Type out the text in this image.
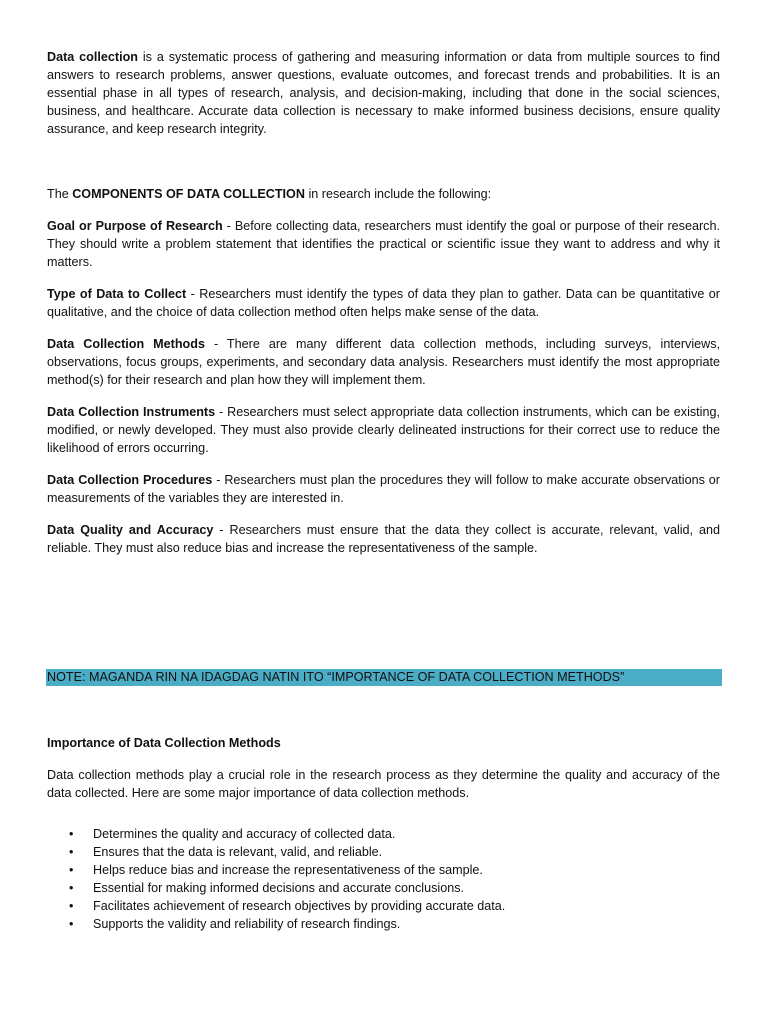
Data collection is a systematic process of gathering and measuring information or data from multiple sources to find answers to research problems, answer questions, evaluate outcomes, and forecast trends and probabilities. It is an essential phase in all types of research, analysis, and decision-making, including that done in the social sciences, business, and healthcare. Accurate data collection is necessary to make informed business decisions, ensure quality assurance, and keep research integrity.

The COMPONENTS OF DATA COLLECTION in research include the following:

Goal or Purpose of Research - Before collecting data, researchers must identify the goal or purpose of their research. They should write a problem statement that identifies the practical or scientific issue they want to address and why it matters.

Type of Data to Collect - Researchers must identify the types of data they plan to gather. Data can be quantitative or qualitative, and the choice of data collection method often helps make sense of the data.

Data Collection Methods - There are many different data collection methods, including surveys, interviews, observations, focus groups, experiments, and secondary data analysis. Researchers must identify the most appropriate method(s) for their research and plan how they will implement them.

Data Collection Instruments - Researchers must select appropriate data collection instruments, which can be existing, modified, or newly developed. They must also provide clearly delineated instructions for their correct use to reduce the likelihood of errors occurring.

Data Collection Procedures - Researchers must plan the procedures they will follow to make accurate observations or measurements of the variables they are interested in.

Data Quality and Accuracy - Researchers must ensure that the data they collect is accurate, relevant, valid, and reliable. They must also reduce bias and increase the representativeness of the sample.

NOTE: MAGANDA RIN NA IDAGDAG NATIN ITO “IMPORTANCE OF DATA COLLECTION METHODS”

Importance of Data Collection Methods

Data collection methods play a crucial role in the research process as they determine the quality and accuracy of the data collected. Here are some major importance of data collection methods.

• Determines the quality and accuracy of collected data.
• Ensures that the data is relevant, valid, and reliable.
• Helps reduce bias and increase the representativeness of the sample.
• Essential for making informed decisions and accurate conclusions.
• Facilitates achievement of research objectives by providing accurate data.
• Supports the validity and reliability of research findings.
